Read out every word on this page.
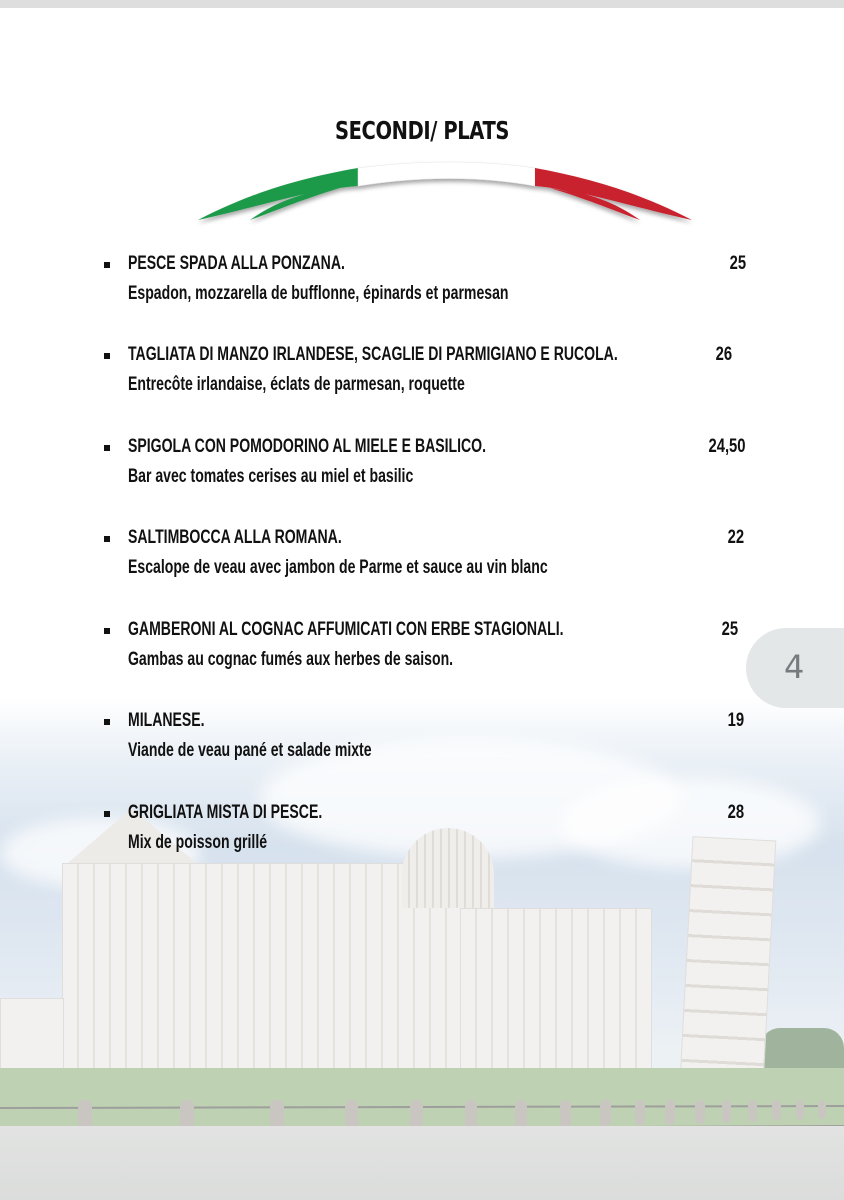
SECONDI/ PLATS
PESCE SPADA ALLA PONZANA.
Espadon, mozzarella de bufflonne, épinards et parmesan
25
TAGLIATA DI MANZO IRLANDESE, SCAGLIE DI PARMIGIANO E RUCOLA.
Entrecôte irlandaise, éclats de parmesan, roquette
26
SPIGOLA CON POMODORINO AL MIELE E BASILICO.
Bar avec tomates cerises au miel et basilic
24,50
SALTIMBOCCA ALLA ROMANA.
Escalope de veau avec jambon de Parme et sauce au vin blanc
22
GAMBERONI AL COGNAC AFFUMICATI CON ERBE STAGIONALI.
Gambas au cognac fumés aux herbes de saison.
25
MILANESE.
Viande de veau pané et salade mixte
19
GRIGLIATA MISTA DI PESCE.
Mix de poisson grillé
28
4
